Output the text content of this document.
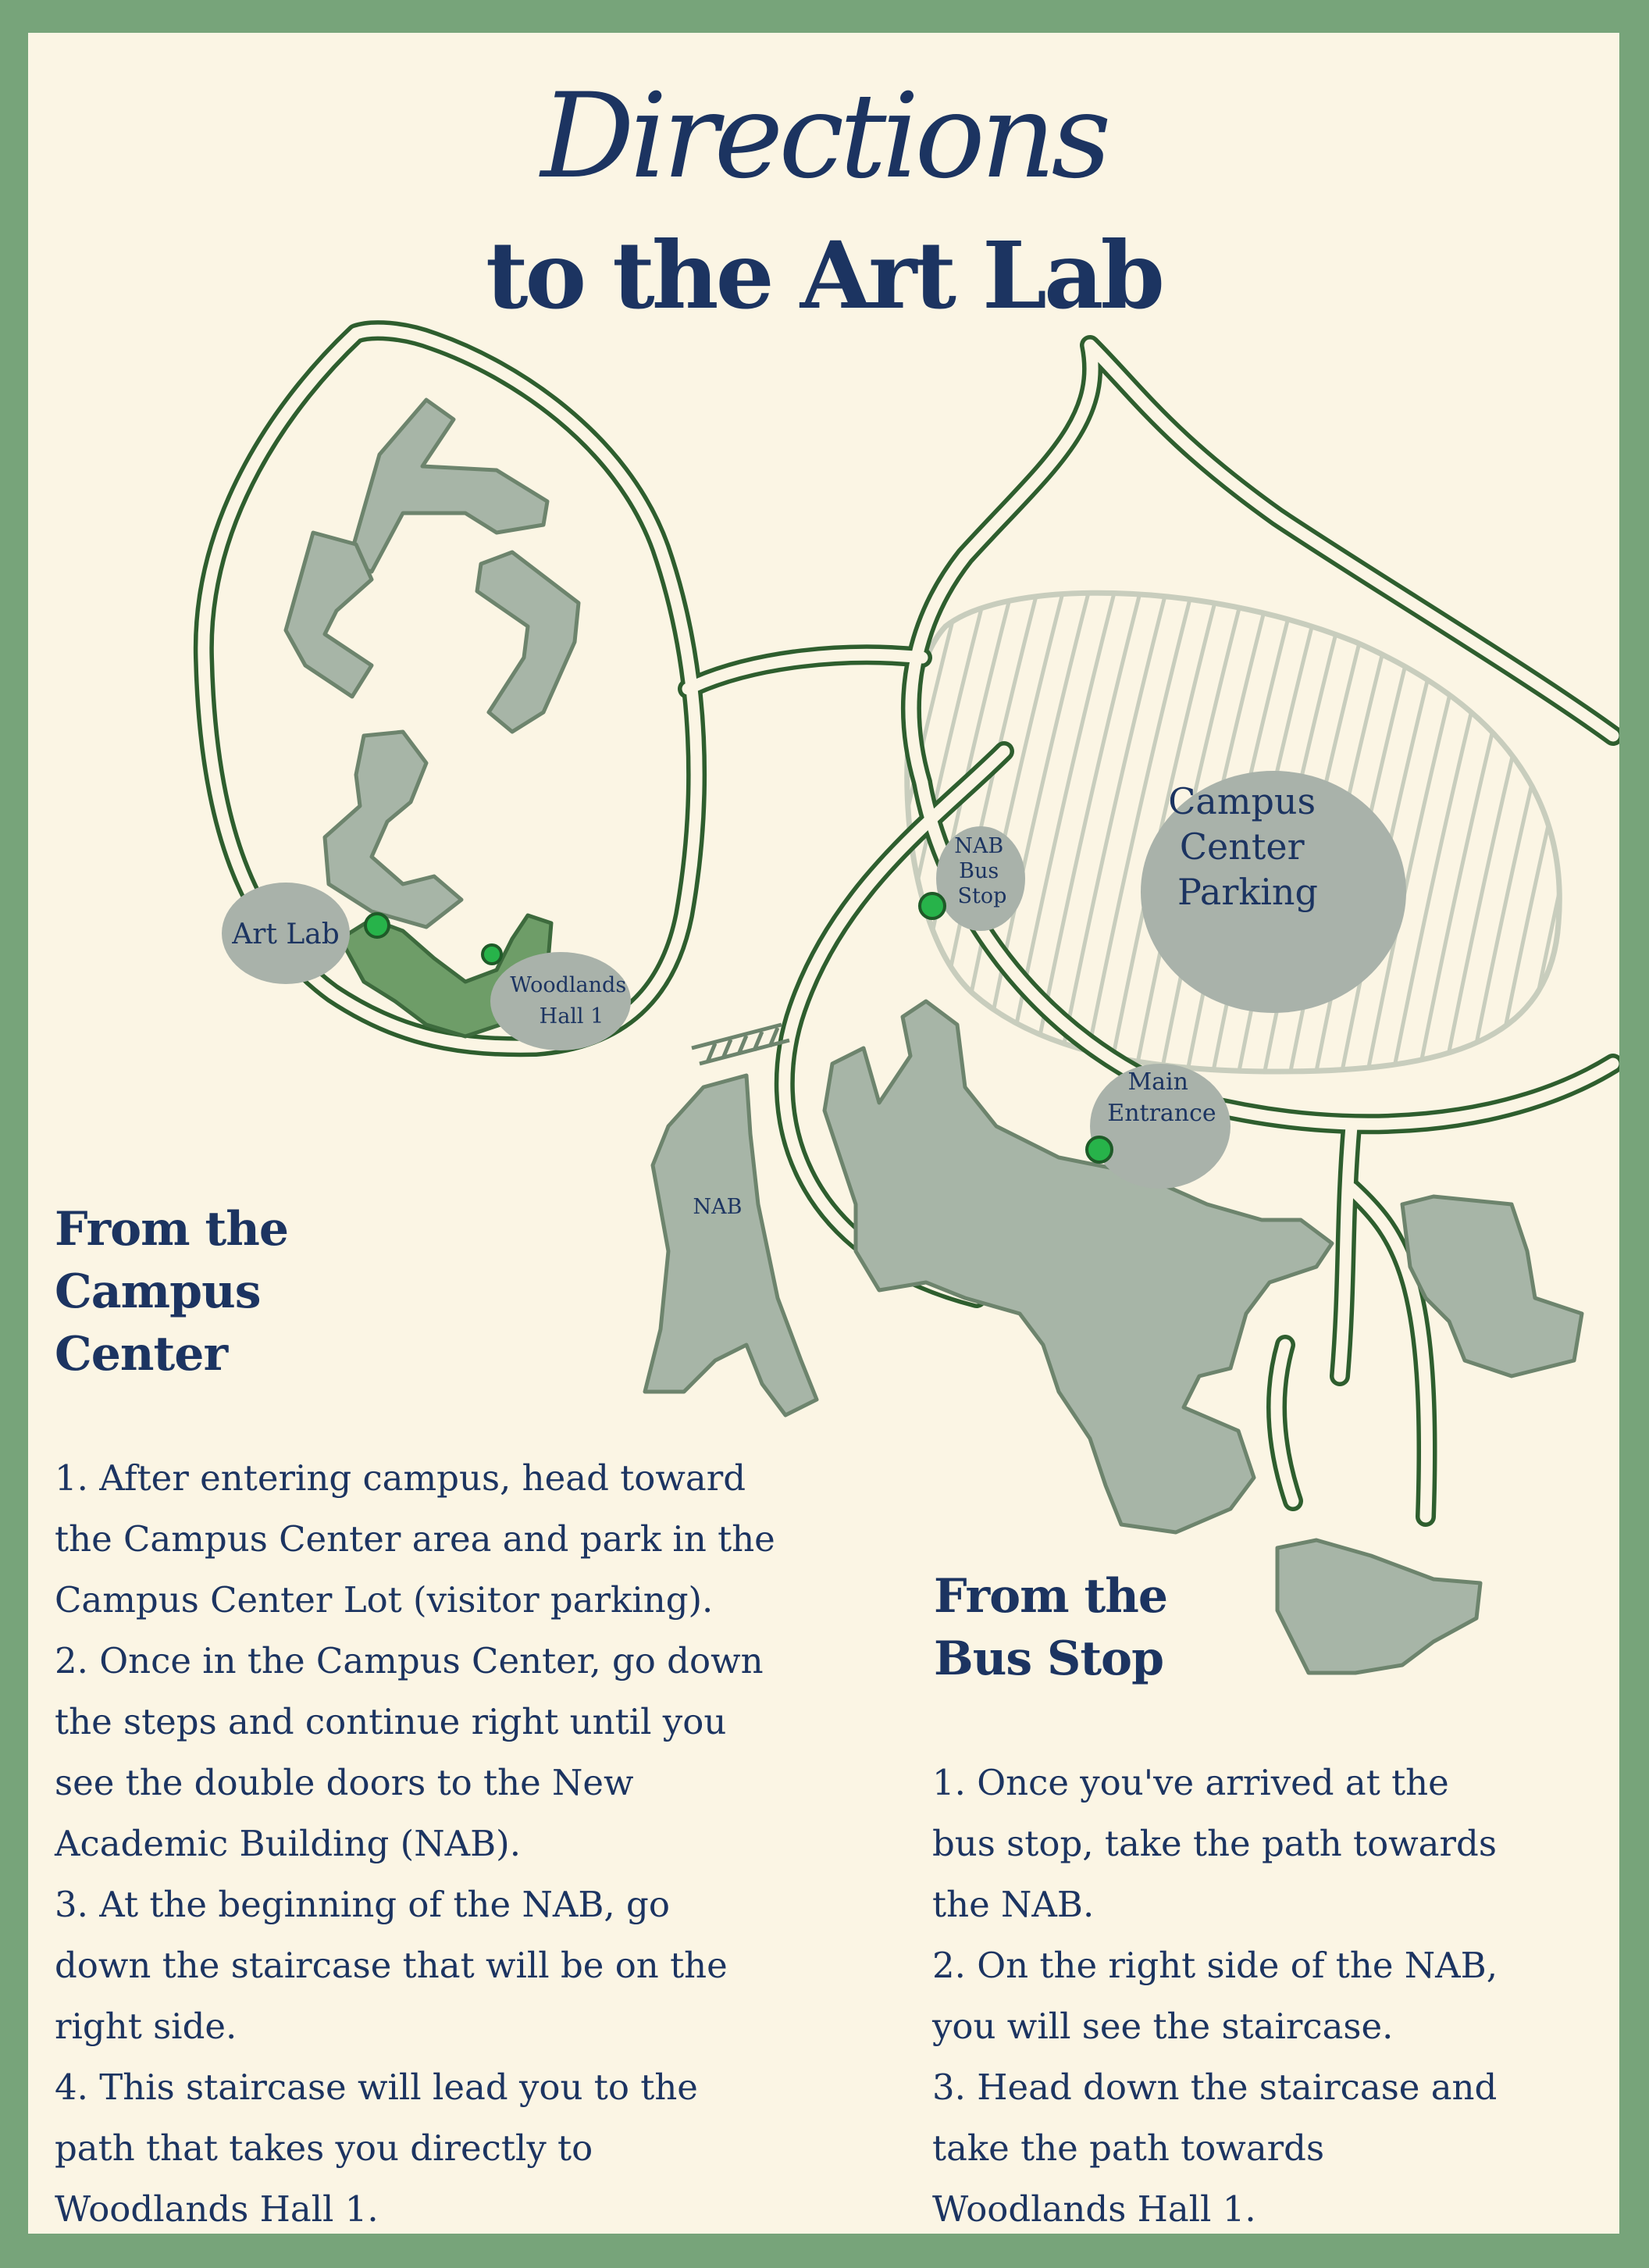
Campus Center Parking
NAB Bus Stop
Main Entrance
Art Lab
Woodlands Hall 1
NAB
Directions
to the Art Lab
From the
Campus
Center
1. After entering campus, head toward
the Campus Center area and park in the
Campus Center Lot (visitor parking).
2. Once in the Campus Center, go down
the steps and continue right until you
see the double doors to the New
Academic Building (NAB).
3. At the beginning of the NAB, go
down the staircase that will be on the
right side.
4. This staircase will lead you to the
path that takes you directly to
Woodlands Hall 1.
From the
Bus Stop
1. Once you've arrived at the
bus stop, take the path towards
the NAB.
2. On the right side of the NAB,
you will see the staircase.
3. Head down the staircase and
take the path towards
Woodlands Hall 1.
